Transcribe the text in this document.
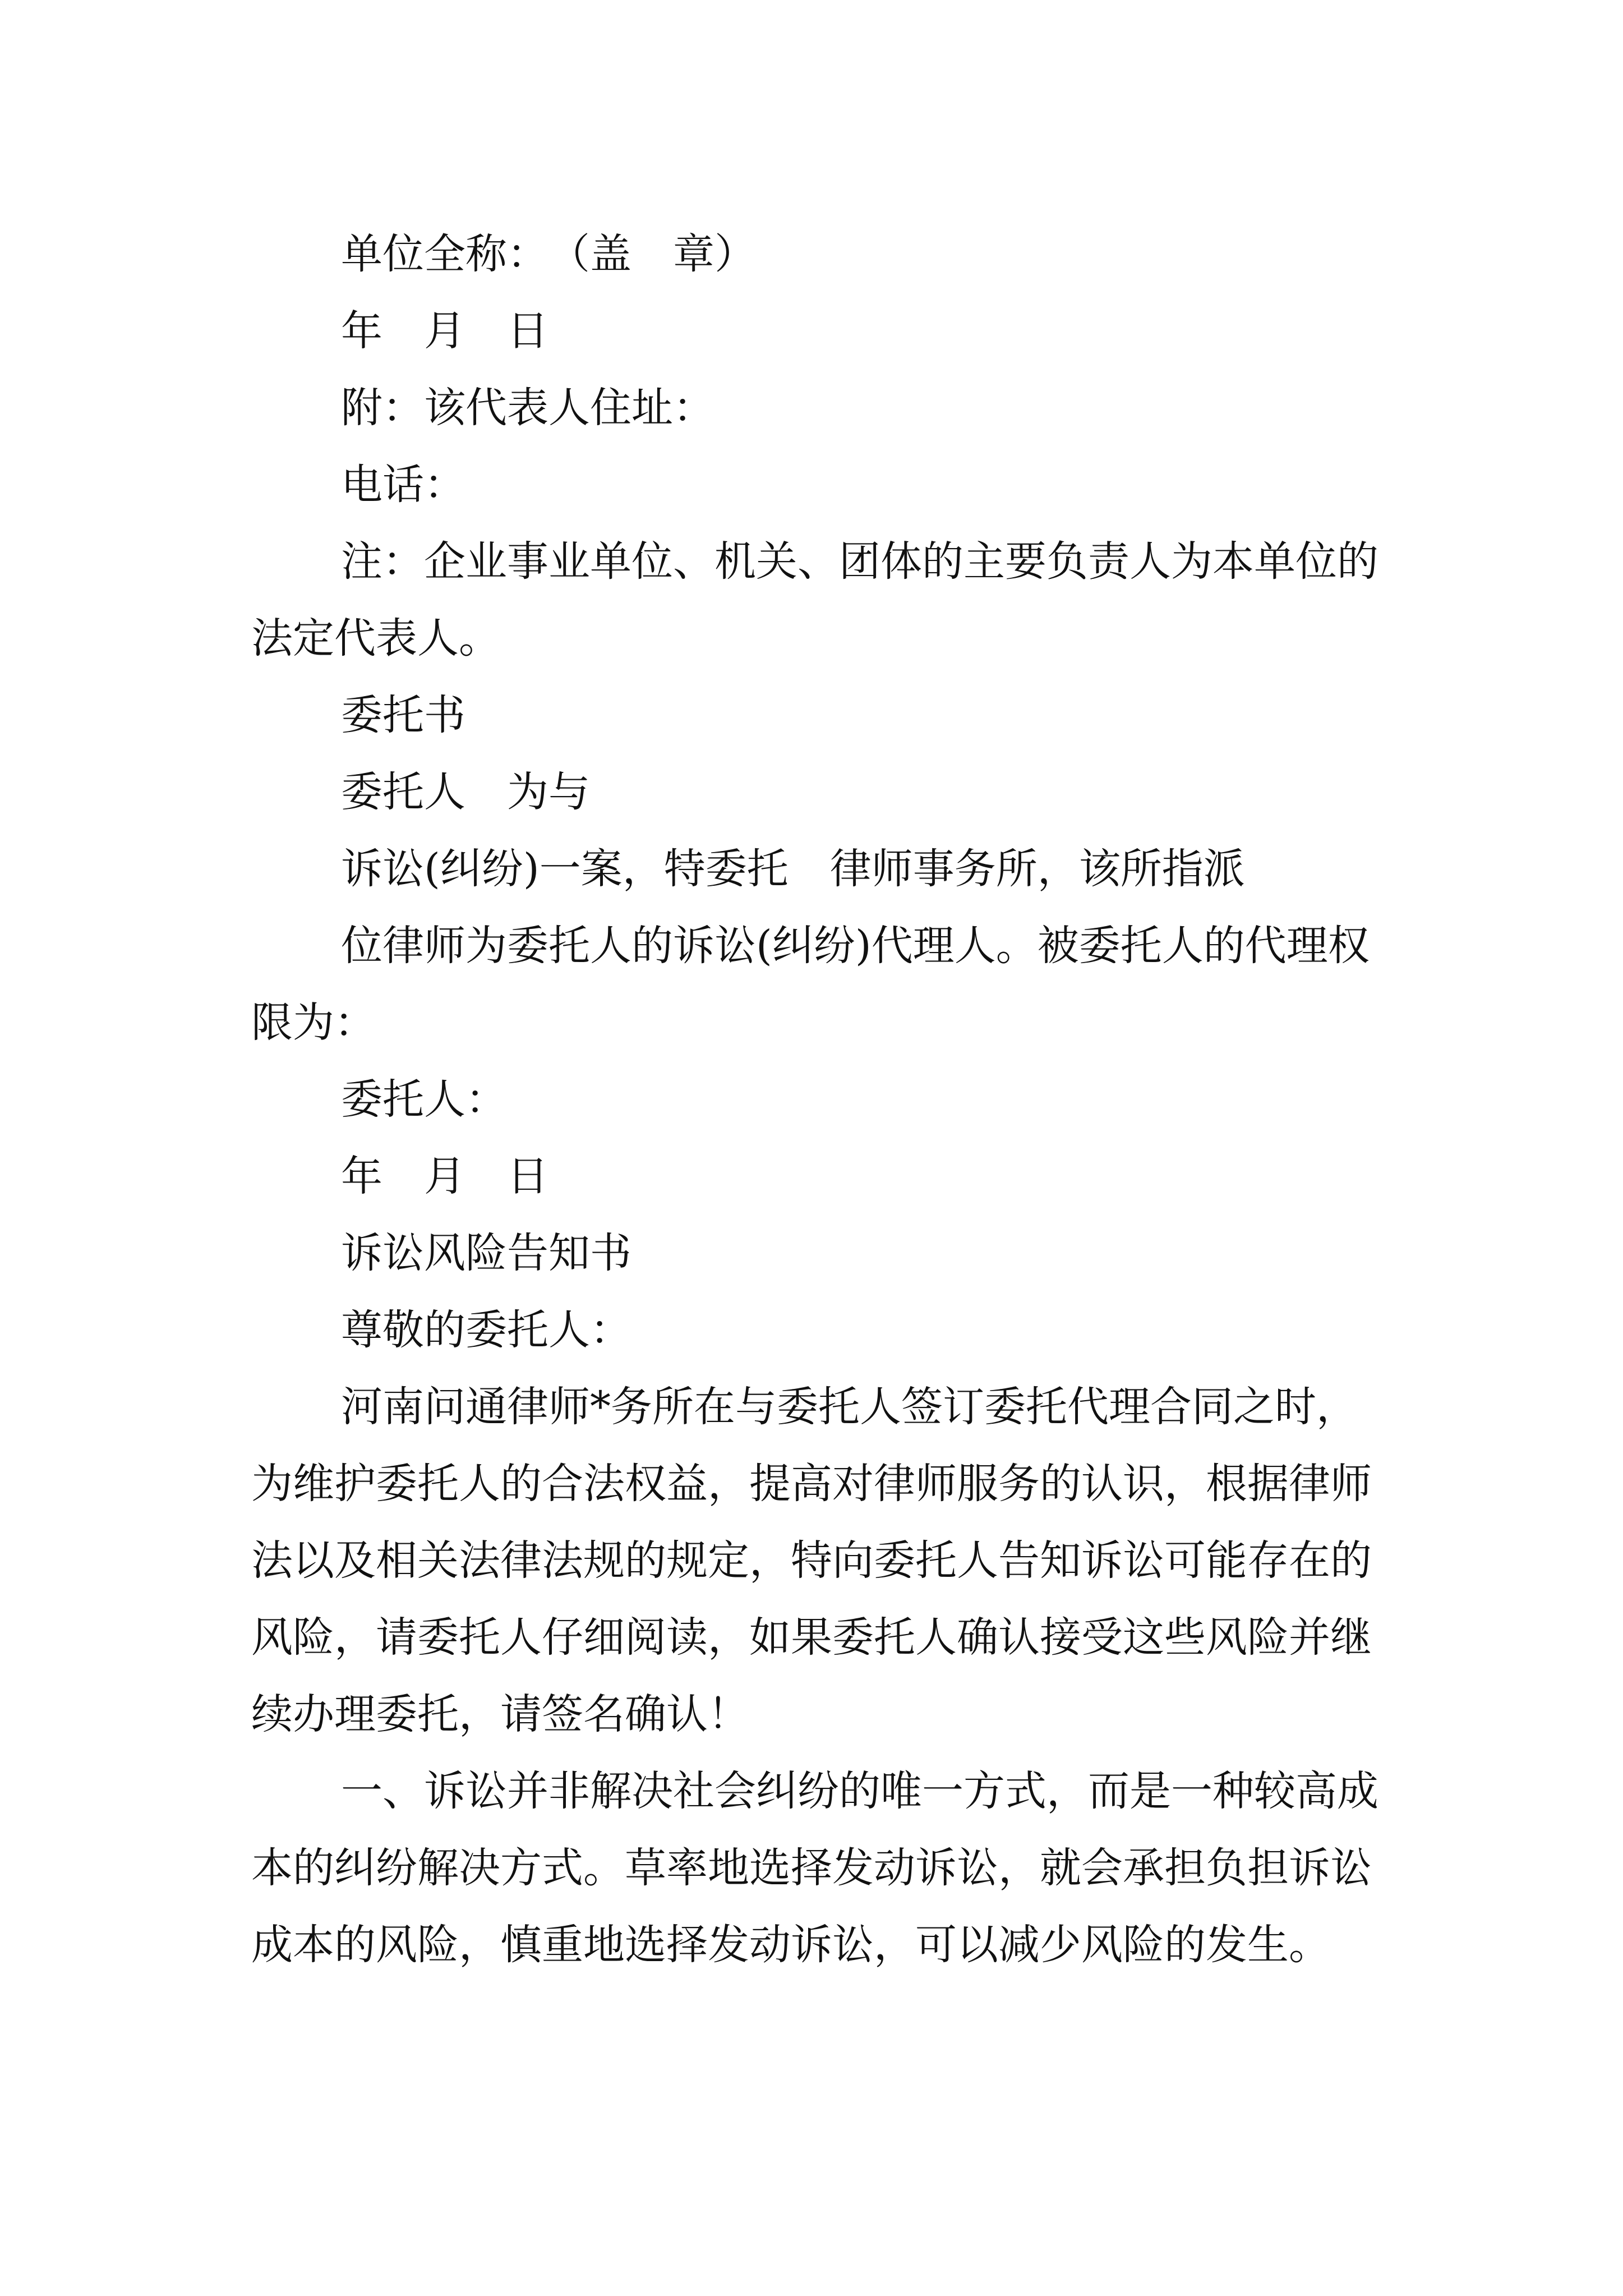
单位全称：　（盖　章）

年　月　日

附：该代表人住址：

电话：

注：企业事业单位、机关、团体的主要负责人为本单位的法定代表人。

委托书

委托人　为与

诉讼(纠纷)一案，特委托　律师事务所，该所指派

位律师为委托人的诉讼(纠纷)代理人。被委托人的代理权限为：

委托人：

年　月　日

诉讼风险告知书

尊敬的委托人：

河南问通律师*务所在与委托人签订委托代理合同之时，为维护委托人的合法权益，提高对律师服务的认识，根据律师法以及相关法律法规的规定，特向委托人告知诉讼可能存在的风险，请委托人仔细阅读，如果委托人确认接受这些风险并继续办理委托，请签名确认！

一、诉讼并非解决社会纠纷的唯一方式，而是一种较高成本的纠纷解决方式。草率地选择发动诉讼，就会承担负担诉讼成本的风险，慎重地选择发动诉讼，可以减少风险的发生。
